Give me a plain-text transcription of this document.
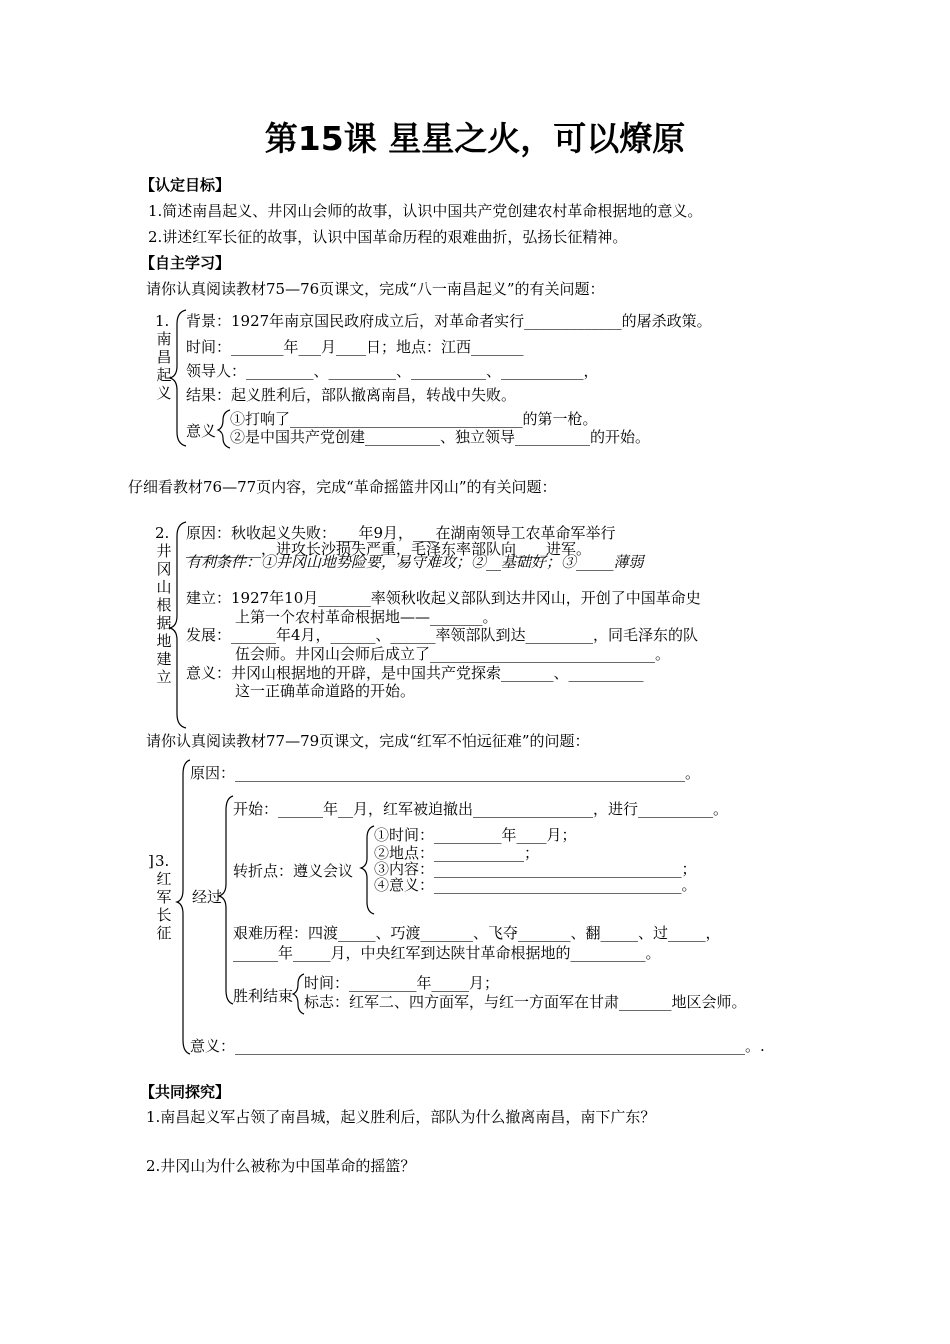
第15课 星星之火，可以燎原
【认定目标】
1.简述南昌起义、井冈山会师的故事，认识中国共产党创建农村革命根据地的意义。
2.讲述红军长征的故事，认识中国革命历程的艰难曲折，弘扬长征精神。
【自主学习】
请你认真阅读教材75—76页课文，完成“八一南昌起义”的有关问题：
1.
南
昌
起
义
背景：1927年南京国民政府成立后，对革命者实行_____________的屠杀政策。
时间：_______年___月____日；地点：江西_______
领导人：_________、_________、__________、___________，
结果：起义胜利后，部队撤离南昌，转战中失败。
意义
①打响了_______________________________的第一枪。
②是中国共产党创建__________、独立领导__________的开始。
仔细看教材76—77页内容，完成“革命摇篮井冈山”的有关问题：
2.
井
冈
山
根
据
地
建
立
原因：秋收起义失败：___年9月，___在湖南领导工农革命军举行
__________，进攻长沙损失严重，毛泽东率部队向____进军。
有利条件：①井冈山地势险要，易守难攻；②__基础好；③_____薄弱
建立：1927年10月_______率领秋收起义部队到达井冈山，开创了中国革命史
上第一个农村革命根据地——_______。
发展：______年4月，______、______率领部队到达_________，同毛泽东的队
伍会师。井冈山会师后成立了______________________________。
意义：井冈山根据地的开辟，是中国共产党探索_______、__________
这一正确革命道路的开始。
请你认真阅读教材77—79页课文，完成“红军不怕远征难”的问题：
原因：____________________________________________________________。
开始：______年__月，红军被迫撤出________________，进行__________。
转折点：遵义会议
①时间：_________年____月；
②地点：____________；
③内容：_________________________________；
④意义：_________________________________。
] 3.
红
军
长
征
经过
艰难历程：四渡_____、巧渡_______、飞夺_______、翻_____、过_____，
______年_____月，中央红军到达陕甘革命根据地的__________。
胜利结束
时间：_________年_____月；
标志：红军二、四方面军，与红一方面军在甘肃_______地区会师。
意义：____________________________________________________________________。.
【共同探究】
1.南昌起义军占领了南昌城，起义胜利后，部队为什么撤离南昌，南下广东？
2.井冈山为什么被称为中国革命的摇篮？
